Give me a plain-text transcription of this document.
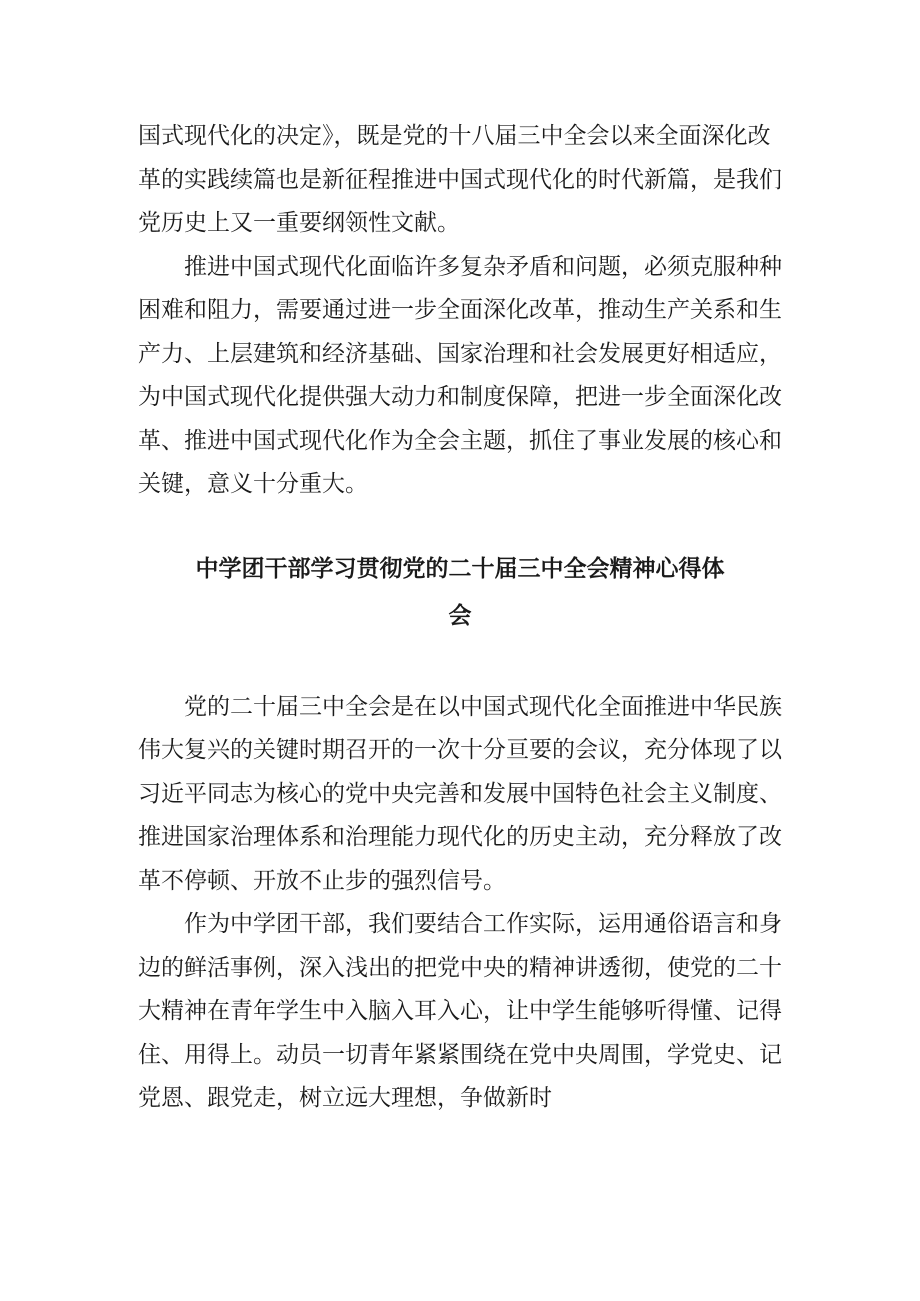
国式现代化的决定》，既是党的十八届三中全会以来全面深化改
革的实践续篇也是新征程推进中国式现代化的时代新篇，是我们
党历史上又一重要纲领性文献。
推进中国式现代化面临许多复杂矛盾和问题，必须克服种种
困难和阻力，需要通过进一步全面深化改革，推动生产关系和生
产力、上层建筑和经济基础、国家治理和社会发展更好相适应，
为中国式现代化提供强大动力和制度保障，把进一步全面深化改
革、推进中国式现代化作为全会主题，抓住了事业发展的核心和
关键，意义十分重大。
中学团干部学习贯彻党的二十届三中全会精神心得体
会
党的二十届三中全会是在以中国式现代化全面推进中华民族
伟大复兴的关键时期召开的一次十分亘要的会议，充分体现了以
习近平同志为核心的党中央完善和发展中国特色社会主义制度、
推进国家治理体系和治理能力现代化的历史主动，充分释放了改
革不停顿、开放不止步的强烈信号。
作为中学团干部，我们要结合工作实际，运用通俗语言和身
边的鲜活事例，深入浅出的把党中央的精神讲透彻，使党的二十
大精神在青年学生中入脑入耳入心，让中学生能够听得懂、记得
住、用得上。动员一切青年紧紧围绕在党中央周围，学党史、记
党恩、跟党走，树立远大理想，争做新时
